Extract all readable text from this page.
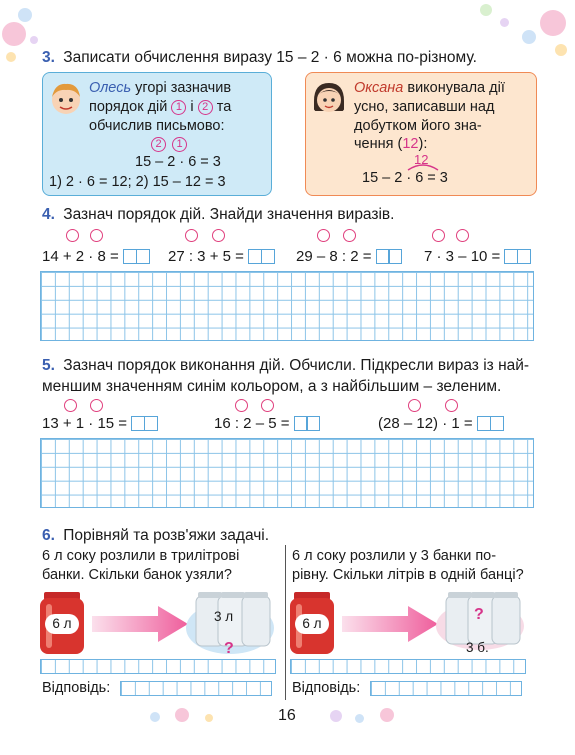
3. Записати обчислення виразу 15 – 2 · 6 можна по-різному.
Олесь угорі зазначив
порядок дій 1 і 2 та
обчислив письмово:
2 1
15 – 2 · 6 = 3
1) 2 · 6 = 12; 2) 15 – 12 = 3
Оксана виконувала дії
усно, записавши над
добутком його зна-
чення (12):
12
15 – 2 · 6 = 3
4. Зазнач порядок дій. Знайди значення виразів.
14 + 2 · 8 =	27 : 3 + 5 =	29 – 8 : 2 =	7 · 3 – 10 =
5. Зазнач порядок виконання дій. Обчисли. Підкресли вираз із най-
меншим значенням синім кольором, а з найбільшим – зеленим.
13 + 1 · 15 =	16 : 2 – 5 =	(28 – 12) · 1 =
6. Порівняй та розв'яжи задачі.
6 л соку розлили в трилітрові
банки. Скільки банок узяли?
6 л	3 л
?
Відповідь:
6 л соку розлили у 3 банки по-
рівну. Скільки літрів в одній банці?
6 л
?
3 б.
Відповідь:
16
